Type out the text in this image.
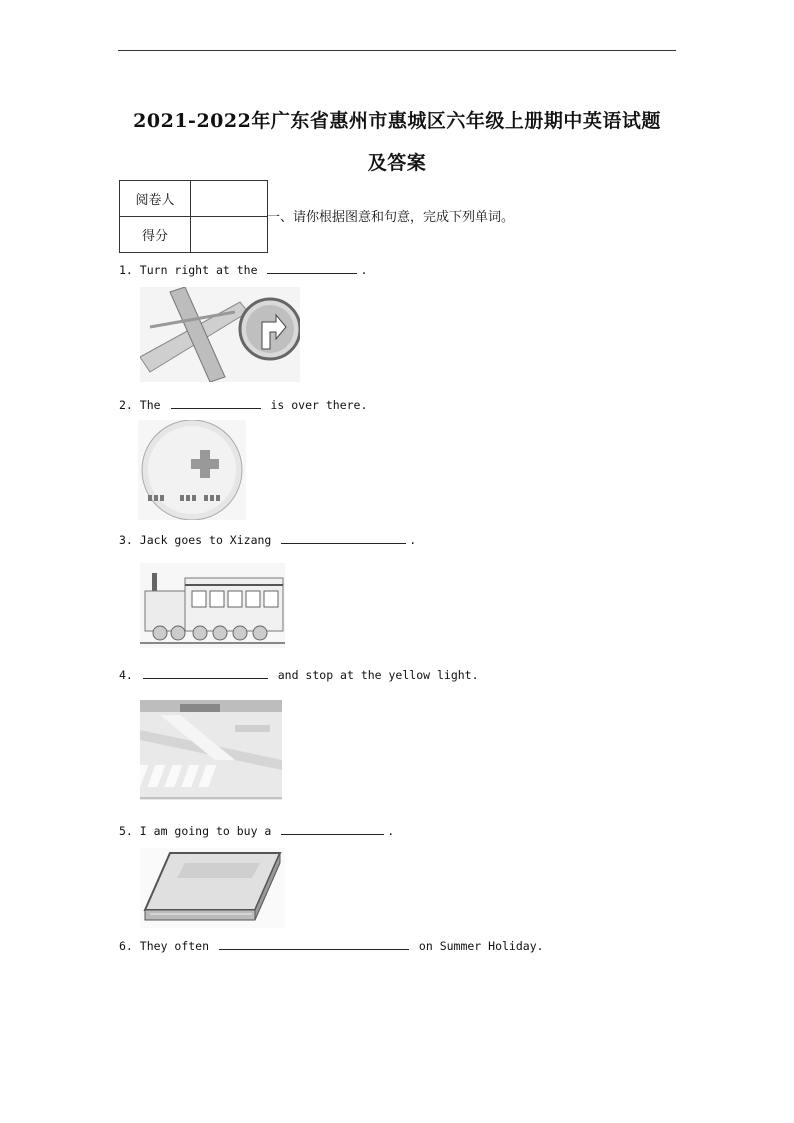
2021-2022年广东省惠州市惠城区六年级上册期中英语试题
及答案
阅卷人	
得分	
一、请你根据图意和句意，完成下列单词。
1. Turn right at the	.
2. The	is over there.
3. Jack goes to Xizang	.
4.	and stop at the yellow light.
5. I am going to buy a	.
6. They often	on Summer Holiday.
